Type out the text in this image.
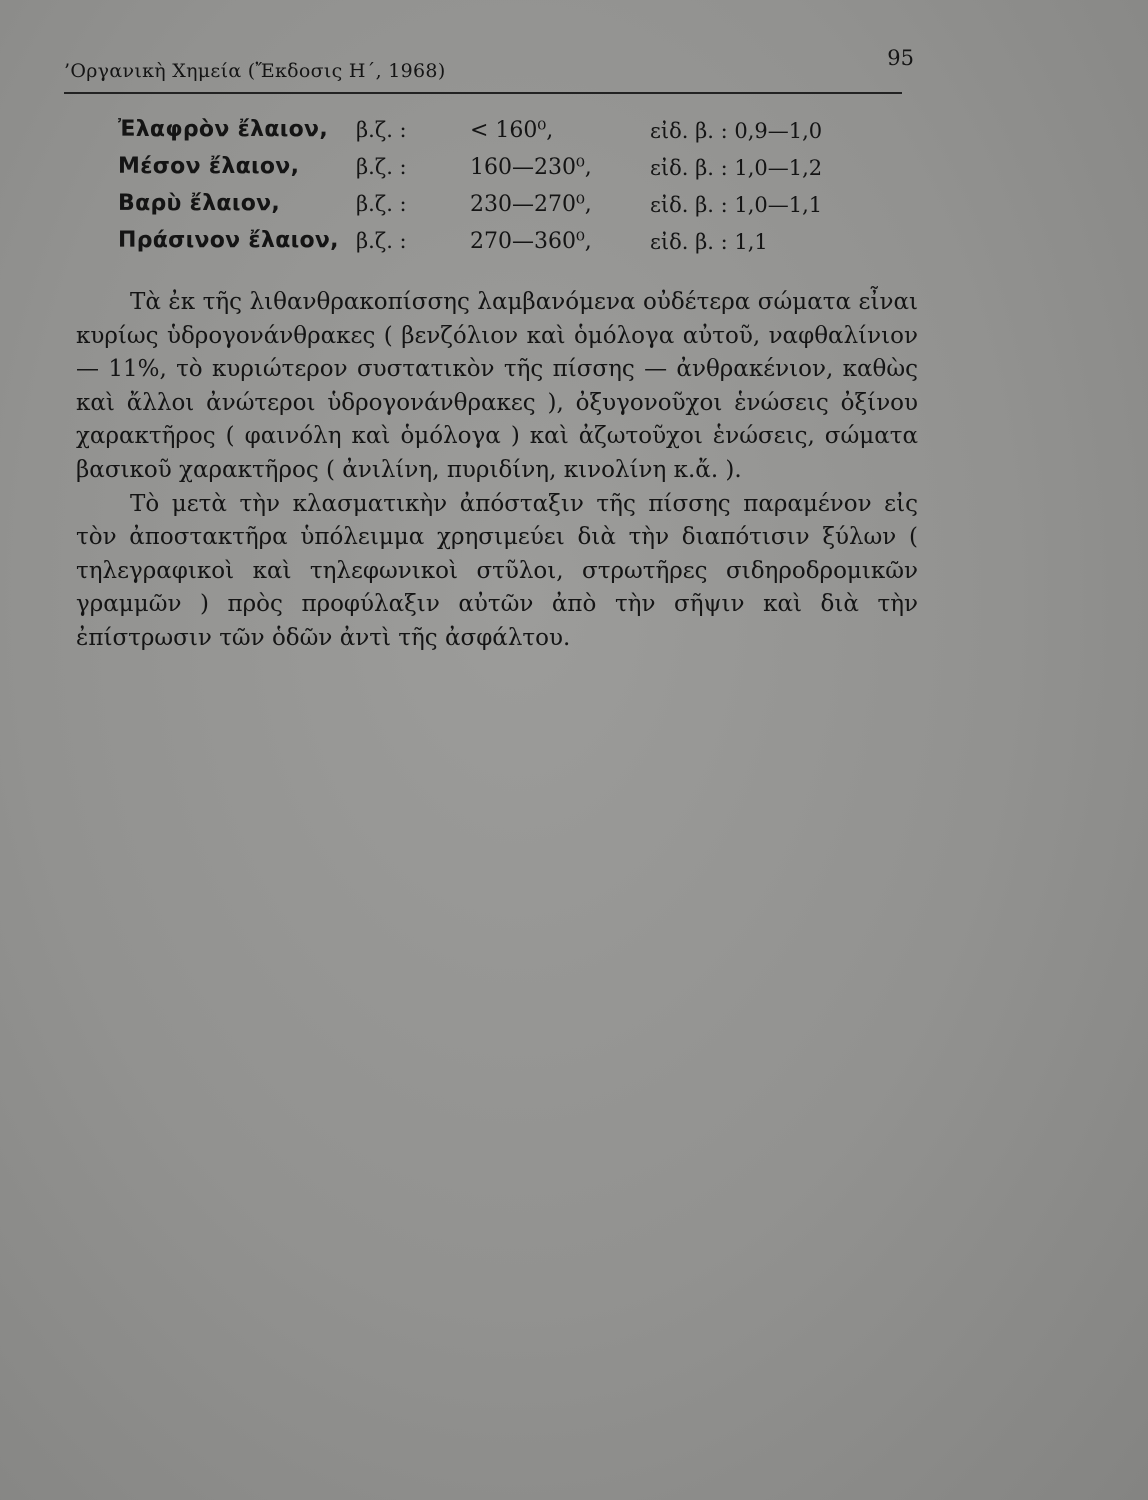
’Οργανικὴ Χημεία (Ἔκδοσις Η΄, 1968)
95
Ἐλαφρὸν ἔλαιον, β.ζ. :	< 160⁰,	εἰδ. β. : 0,9—1,0
Μέσον ἔλαιον,	β.ζ. :	160—230⁰,	εἰδ. β. : 1,0—1,2
Βαρὺ ἔλαιον,	β.ζ. :	230—270⁰,	εἰδ. β. : 1,0—1,1
Πράσινον ἔλαιον, β.ζ. :	270—360⁰,	εἰδ. β. : 1,1

Τὰ ἐκ τῆς λιθανθρακοπίσσης λαμβανόμενα οὐδέτερα σώματα εἶναι κυρίως ὑδρογονάνθρακες ( βενζόλιον καὶ ὁμόλογα αὐτοῦ, ναφθαλίνιον — 11%, τὸ κυριώτερον συστατικὸν τῆς πίσσης — ἀνθρακένιον, καθὼς καὶ ἄλλοι ἀνώτεροι ὑδρογονάνθρακες ), ὀξυγονοῦχοι ἑνώσεις ὀξίνου χαρακτῆρος ( φαινόλη καὶ ὁμόλογα ) καὶ ἀζωτοῦχοι ἑνώσεις, σώματα βασικοῦ χαρακτῆρος ( ἀνιλίνη, πυριδίνη, κινολίνη κ.ἄ. ).

Τὸ μετὰ τὴν κλασματικὴν ἀπόσταξιν τῆς πίσσης παραμένον εἰς τὸν ἀποστακτῆρα ὑπόλειμμα χρησιμεύει διὰ τὴν διαπότισιν ξύλων ( τηλεγραφικοὶ καὶ τηλεφωνικοὶ στῦλοι, στρωτῆρες σιδηροδρομικῶν γραμμῶν ) πρὸς προφύλαξιν αὐτῶν ἀπὸ τὴν σῆψιν καὶ διὰ τὴν ἐπίστρωσιν τῶν ὁδῶν ἀντὶ τῆς ἀσφάλτου.
